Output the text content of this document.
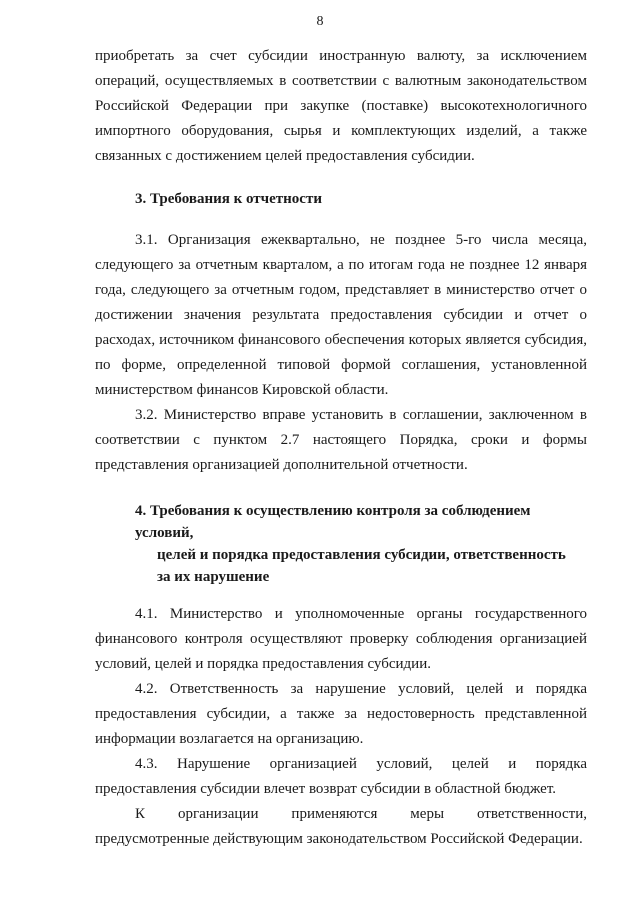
8

приобретать за счет субсидии иностранную валюту, за исключением операций, осуществляемых в соответствии с валютным законодательством Российской Федерации при закупке (поставке) высокотехнологичного импортного оборудования, сырья и комплектующих изделий, а также связанных с достижением целей предоставления субсидии.

3. Требования к отчетности

3.1. Организация ежеквартально, не позднее 5-го числа месяца, следующего за отчетным кварталом, а по итогам года не позднее 12 января года, следующего за отчетным годом, представляет в министерство отчет о достижении значения результата предоставления субсидии и отчет о расходах, источником финансового обеспечения которых является субсидия, по форме, определенной типовой формой соглашения, установленной министерством финансов Кировской области.

3.2. Министерство вправе установить в соглашении, заключенном в соответствии с пунктом 2.7 настоящего Порядка, сроки и формы представления организацией дополнительной отчетности.

4. Требования к осуществлению контроля за соблюдением условий,
целей и порядка предоставления субсидии, ответственность
за их нарушение

4.1. Министерство и уполномоченные органы государственного финансового контроля осуществляют проверку соблюдения организацией условий, целей и порядка предоставления субсидии.

4.2. Ответственность за нарушение условий, целей и порядка предоставления субсидии, а также за недостоверность представленной информации возлагается на организацию.

4.3. Нарушение организацией условий, целей и порядка предоставления субсидии влечет возврат субсидии в областной бюджет.

К организации применяются меры ответственности, предусмотренные действующим законодательством Российской Федерации.
